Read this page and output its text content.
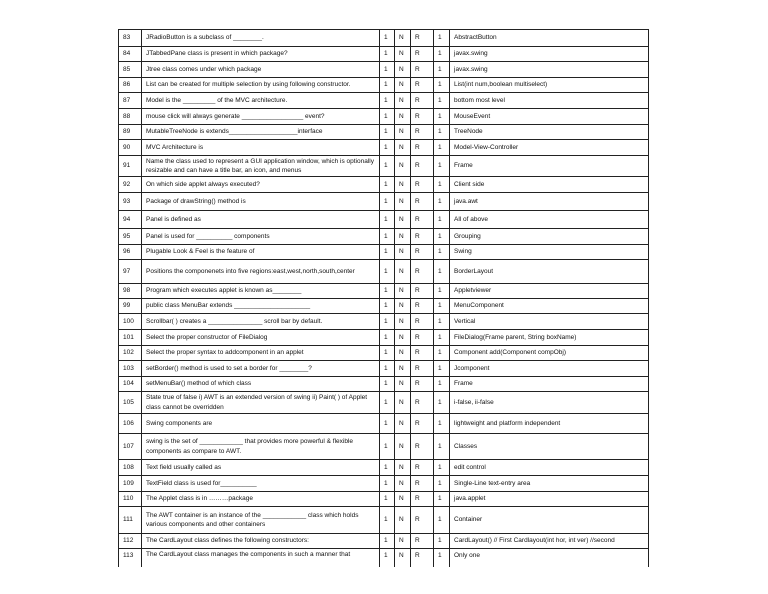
83	JRadioButton is a subclass of ________.	1	N	R	1	AbstractButton
84	JTabbedPane class is present in which package?	1	N	R	1	javax.swing
85	Jtree class comes under which package	1	N	R	1	javax.swing
86	List can be created for multiple selection by using following constructor.	1	N	R	1	List(int num,boolean multiselect)
87	Model is the _________ of the MVC architecture.	1	N	R	1	bottom most level
88	mouse click will always generate _________________ event?	1	N	R	1	MouseEvent
89	MutableTreeNode is extends___________________interface	1	N	R	1	TreeNode
90	MVC Architecture is	1	N	R	1	Model-View-Controller
91	Name the class used to represent a GUI application window, which is optionally resizable and can have a title bar, an icon, and menus	1	N	R	1	Frame
92	On which side applet always executed?	1	N	R	1	Client side
93	Package of drawString() method is	1	N	R	1	java.awt
94	Panel is defined as	1	N	R	1	All of above
95	Panel is used for __________ components	1	N	R	1	Grouping
96	Plugable Look & Feel is the feature of	1	N	R	1	Swing
97	Positions the componenets into five regions:east,west,north,south,center	1	N	R	1	BorderLayout
98	Program which executes applet is known as________	1	N	R	1	Appletviewer
99	public class MenuBar extends _____________________	1	N	R	1	MenuComponent
100	Scrollbar( ) creates a _______________ scroll bar by default.	1	N	R	1	Vertical
101	Select the proper constructor of FileDialog	1	N	R	1	FileDialog(Frame parent, String boxName)
102	Select the proper syntax to addcomponent in an applet	1	N	R	1	Component add(Component compObj)
103	setBorder() method is used to set a border for ________?	1	N	R	1	Jcomponent
104	setMenuBar() method of which class	1	N	R	1	Frame
105	State true of false i) AWT is an extended version of swing ii) Paint( ) of Applet class cannot be overridden	1	N	R	1	i-false, ii-false
106	Swing components are	1	N	R	1	lightweight and platform independent
107	swing is the set of ____________ that provides more powerful & flexible components as compare to AWT.	1	N	R	1	Classes
108	Text field usually called as	1	N	R	1	edit control
109	TextField class is used for__________	1	N	R	1	Single-Line text-entry area
110	The Applet class is in ………package	1	N	R	1	java.applet
111	The AWT container is an instance of the ____________ class which holds various components and other containers	1	N	R	1	Container
112	The CardLayout class defines the following constructors:	1	N	R	1	CardLayout() // First Cardlayout(int hor, int ver) //second
113	The CardLayout class manages the components in such a manner that	1	N	R	1	Only one
